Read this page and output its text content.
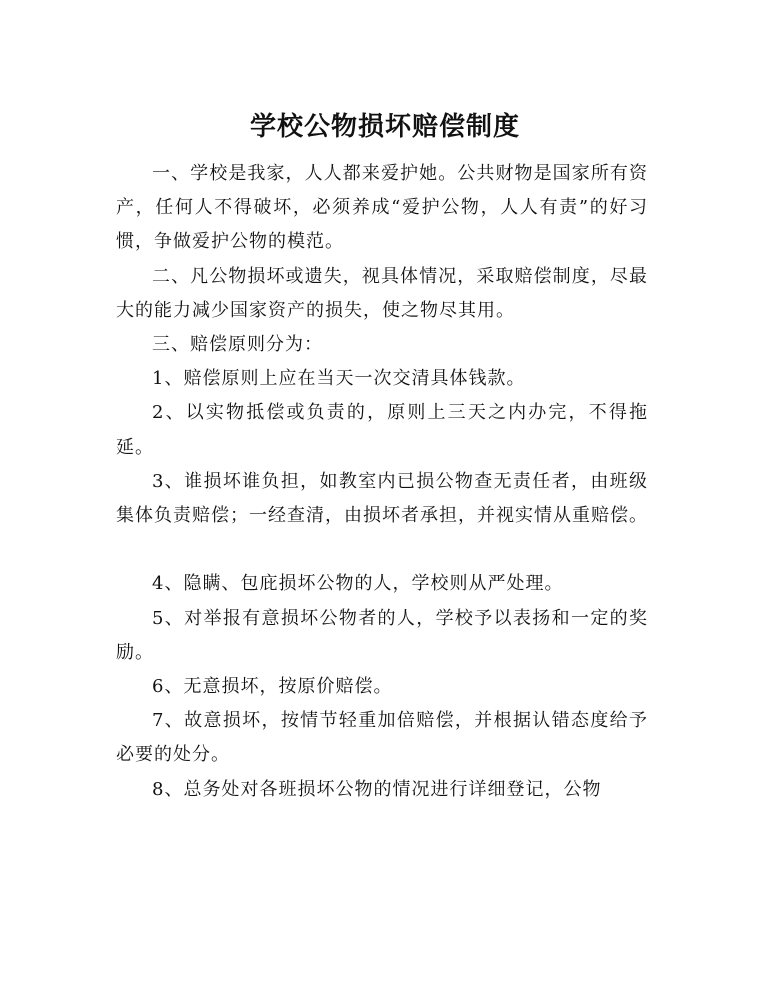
学校公物损坏赔偿制度

一、学校是我家，人人都来爱护她。公共财物是国家所有资产，任何人不得破坏，必须养成“爱护公物，人人有责”的好习惯，争做爱护公物的模范。

二、凡公物损坏或遗失，视具体情况，采取赔偿制度，尽最大的能力减少国家资产的损失，使之物尽其用。

三、赔偿原则分为：

1、赔偿原则上应在当天一次交清具体钱款。

2、以实物抵偿或负责的，原则上三天之内办完，不得拖延。

3、谁损坏谁负担，如教室内已损公物查无责任者，由班级集体负责赔偿；一经查清，由损坏者承担，并视实情从重赔偿。

4、隐瞒、包庇损坏公物的人，学校则从严处理。

5、对举报有意损坏公物者的人，学校予以表扬和一定的奖励。

6、无意损坏，按原价赔偿。

7、故意损坏，按情节轻重加倍赔偿，并根据认错态度给予必要的处分。

8、总务处对各班损坏公物的情况进行详细登记，公物
